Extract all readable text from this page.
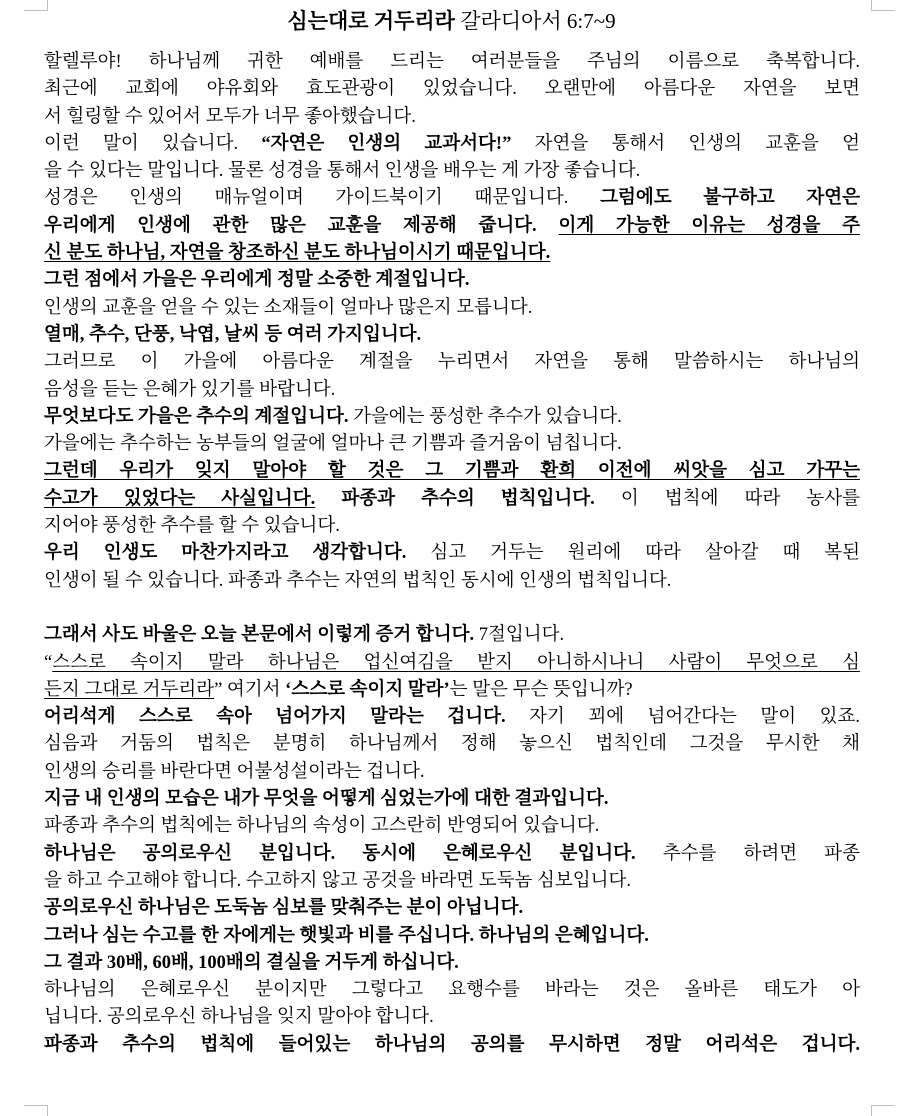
심는대로 거두리라 갈라디아서 6:7~9
할렐루야! 하나님께 귀한 예배를 드리는 여러분들을 주님의 이름으로 축복합니다.
최근에 교회에 야유회와 효도관광이 있었습니다. 오랜만에 아름다운 자연을 보면
서 힐링할 수 있어서 모두가 너무 좋아했습니다.
이런 말이 있습니다. “자연은 인생의 교과서다!” 자연을 통해서 인생의 교훈을 얻
을 수 있다는 말입니다. 물론 성경을 통해서 인생을 배우는 게 가장 좋습니다.
성경은 인생의 매뉴얼이며 가이드북이기 때문입니다. 그럼에도 불구하고 자연은
우리에게 인생에 관한 많은 교훈을 제공해 줍니다. 이게 가능한 이유는 성경을 주
신 분도 하나님, 자연을 창조하신 분도 하나님이시기 때문입니다.
그런 점에서 가을은 우리에게 정말 소중한 계절입니다.
인생의 교훈을 얻을 수 있는 소재들이 얼마나 많은지 모릅니다.
열매, 추수, 단풍, 낙엽, 날씨 등 여러 가지입니다.
그러므로 이 가을에 아름다운 계절을 누리면서 자연을 통해 말씀하시는 하나님의
음성을 듣는 은혜가 있기를 바랍니다.
무엇보다도 가을은 추수의 계절입니다. 가을에는 풍성한 추수가 있습니다.
가을에는 추수하는 농부들의 얼굴에 얼마나 큰 기쁨과 즐거움이 넘칩니다.
그런데 우리가 잊지 말아야 할 것은 그 기쁨과 환희 이전에 씨앗을 심고 가꾸는
수고가 있었다는 사실입니다. 파종과 추수의 법칙입니다. 이 법칙에 따라 농사를
지어야 풍성한 추수를 할 수 있습니다.
우리 인생도 마찬가지라고 생각합니다. 심고 거두는 원리에 따라 살아갈 때 복된
인생이 될 수 있습니다. 파종과 추수는 자연의 법칙인 동시에 인생의 법칙입니다.

그래서 사도 바울은 오늘 본문에서 이렇게 증거 합니다. 7절입니다.
“스스로 속이지 말라 하나님은 업신여김을 받지 아니하시나니 사람이 무엇으로 심
든지 그대로 거두리라” 여기서 ‘스스로 속이지 말라’는 말은 무슨 뜻입니까?
어리석게 스스로 속아 넘어가지 말라는 겁니다. 자기 꾀에 넘어간다는 말이 있죠.
심음과 거둠의 법칙은 분명히 하나님께서 정해 놓으신 법칙인데 그것을 무시한 채
인생의 승리를 바란다면 어불성설이라는 겁니다.
지금 내 인생의 모습은 내가 무엇을 어떻게 심었는가에 대한 결과입니다.
파종과 추수의 법칙에는 하나님의 속성이 고스란히 반영되어 있습니다.
하나님은 공의로우신 분입니다. 동시에 은혜로우신 분입니다. 추수를 하려면 파종
을 하고 수고해야 합니다. 수고하지 않고 공것을 바라면 도둑놈 심보입니다.
공의로우신 하나님은 도둑놈 심보를 맞춰주는 분이 아닙니다.
그러나 심는 수고를 한 자에게는 햇빛과 비를 주십니다. 하나님의 은혜입니다.
그 결과 30배, 60배, 100배의 결실을 거두게 하십니다.
하나님의 은혜로우신 분이지만 그렇다고 요행수를 바라는 것은 올바른 태도가 아
닙니다. 공의로우신 하나님을 잊지 말아야 합니다.
파종과 추수의 법칙에 들어있는 하나님의 공의를 무시하면 정말 어리석은 겁니다.
